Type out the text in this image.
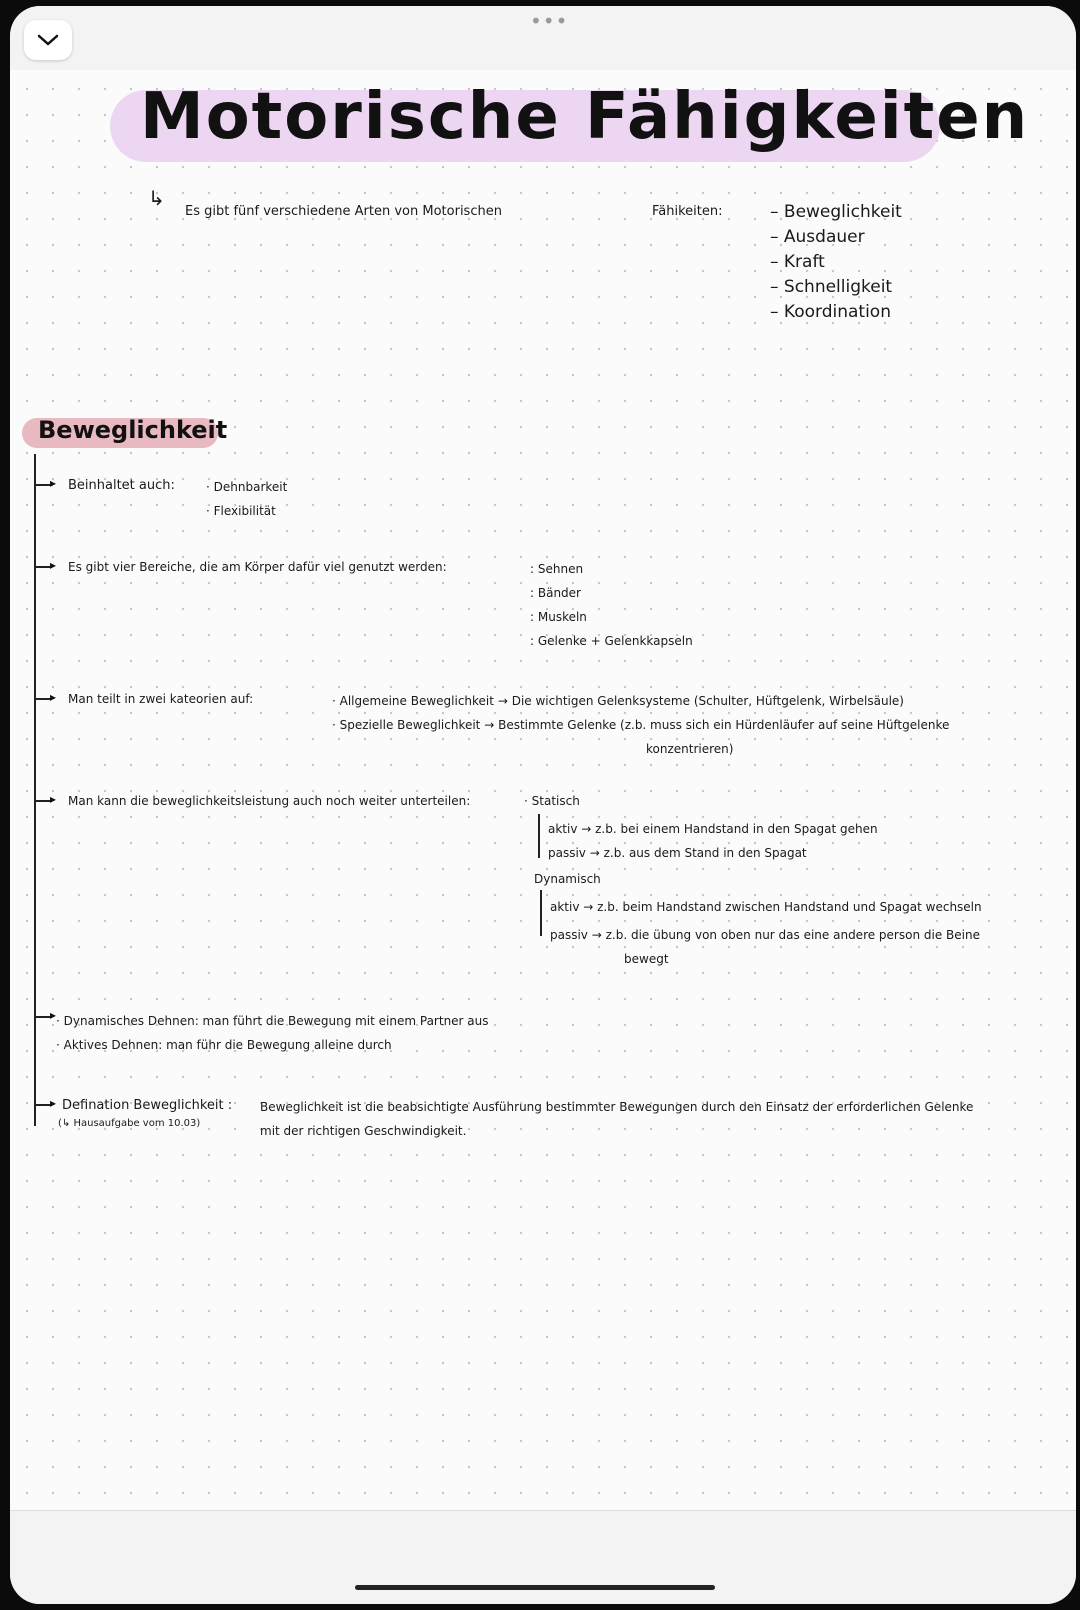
•••
Motorische Fähigkeiten
↳
Es gibt fünf verschiedene Arten von Motorischen	Fähikeiten:	– Beweglichkeit
– Ausdauer
– Kraft
– Schnelligkeit
– Koordination
Beweglichkeit
▸ Beinhaltet auch:	· Dehnbarkeit
· Flexibilität
▸ Es gibt vier Bereiche, die am Körper dafür viel genutzt werden:	: Sehnen
: Bänder
: Muskeln
: Gelenke + Gelenkkapseln
▸ Man teilt in zwei kateorien auf:	· Allgemeine Beweglichkeit → Die wichtigen Gelenksysteme (Schulter, Hüftgelenk, Wirbelsäule)
· Spezielle Beweglichkeit → Bestimmte Gelenke (z.b. muss sich ein Hürdenläufer auf seine Hüftgelenke
konzentrieren)
▸ Man kann die beweglichkeitsleistung auch noch weiter unterteilen:	· Statisch
aktiv → z.b. bei einem Handstand in den Spagat gehen
passiv → z.b. aus dem Stand in den Spagat
Dynamisch
aktiv → z.b. beim Handstand zwischen Handstand und Spagat wechseln
passiv → z.b. die übung von oben nur das eine andere person die Beine
bewegt
▸ · Dynamisches Dehnen: man führt die Bewegung mit einem Partner aus
· Aktives Dehnen: man führ die Bewegung alleine durch
▸ Defination Beweglichkeit :
(↳ Hausaufgabe vom 10.03)
Beweglichkeit ist die beabsichtigte Ausführung bestimmter Bewegungen durch den Einsatz der erforderlichen Gelenke
mit der richtigen Geschwindigkeit.
